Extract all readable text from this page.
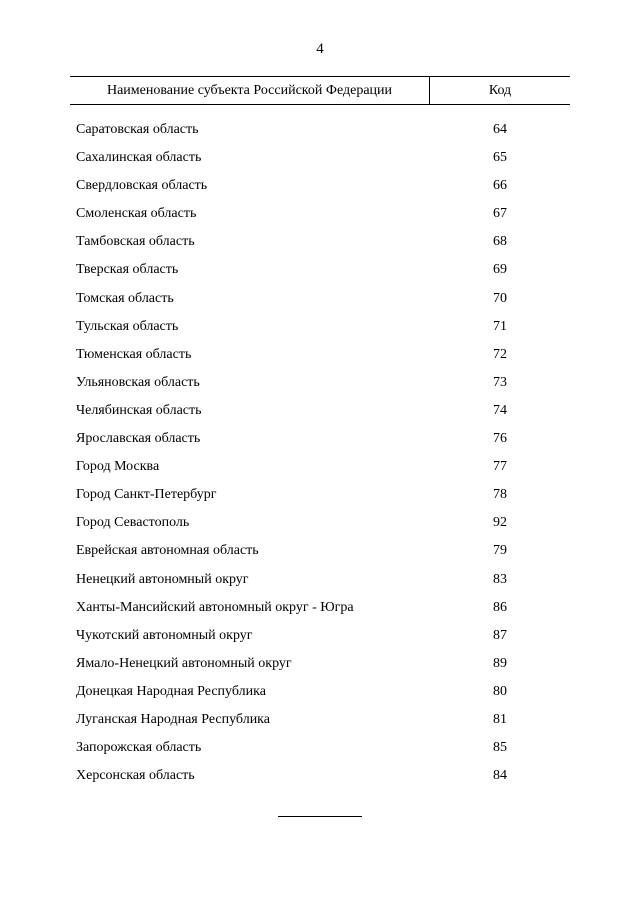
4
Наименование субъекта Российской Федерации	Код
Саратовская область	64
Сахалинская область	65
Свердловская область	66
Смоленская область	67
Тамбовская область	68
Тверская область	69
Томская область	70
Тульская область	71
Тюменская область	72
Ульяновская область	73
Челябинская область	74
Ярославская область	76
Город Москва	77
Город Санкт-Петербург	78
Город Севастополь	92
Еврейская автономная область	79
Ненецкий автономный округ	83
Ханты-Мансийский автономный округ - Югра	86
Чукотский автономный округ	87
Ямало-Ненецкий автономный округ	89
Донецкая Народная Республика	80
Луганская Народная Республика	81
Запорожская область	85
Херсонская область	84
